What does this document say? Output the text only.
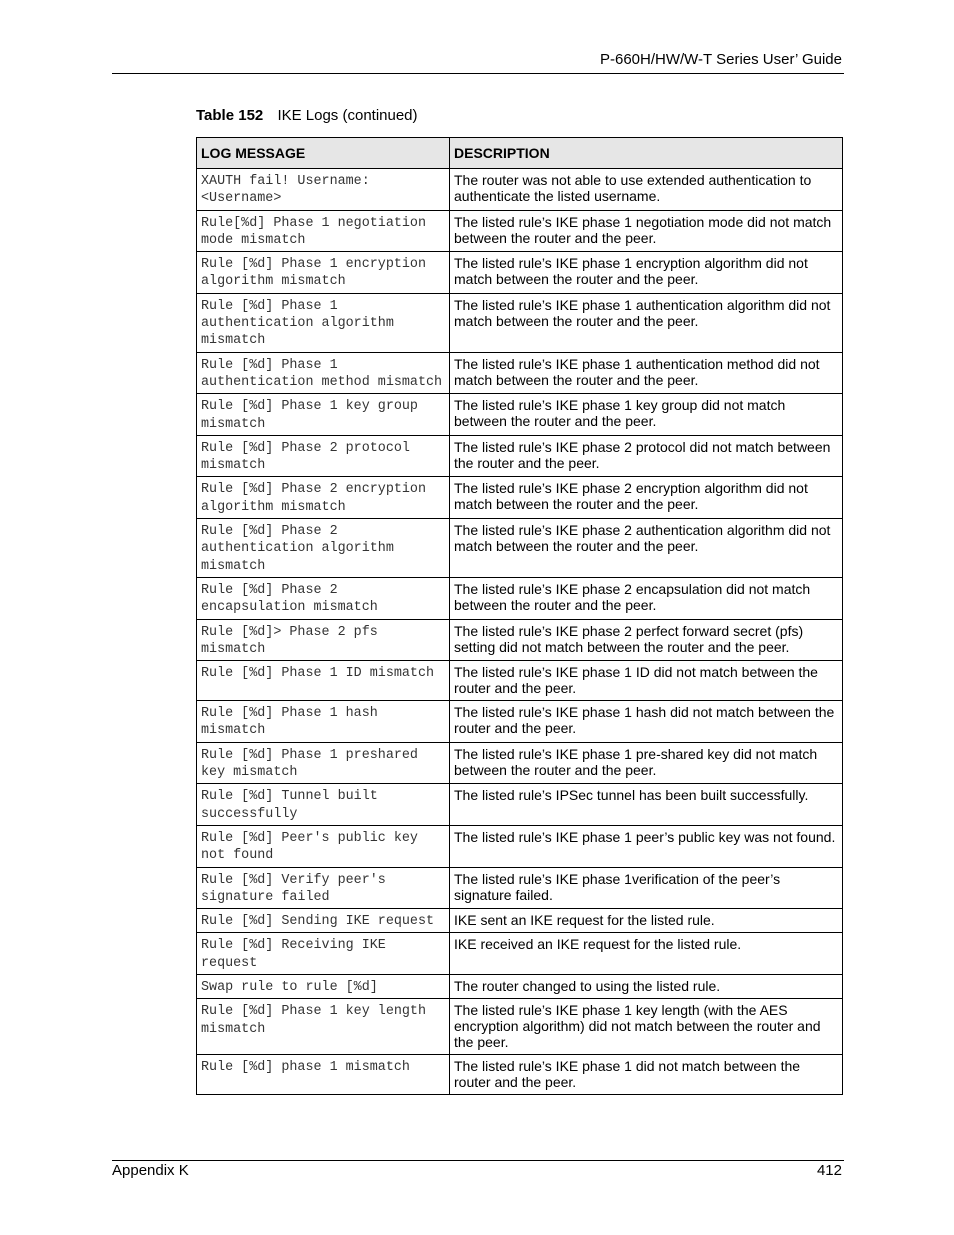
P-660H/HW/W-T Series User’ Guide
Table 152 IKE Logs (continued)
LOG MESSAGE	DESCRIPTION
XAUTH fail! Username: <Username>	The router was not able to use extended authentication to authenticate the listed username.
Rule[%d] Phase 1 negotiation mode mismatch	The listed rule’s IKE phase 1 negotiation mode did not match between the router and the peer.
Rule [%d] Phase 1 encryption algorithm mismatch	The listed rule’s IKE phase 1 encryption algorithm did not match between the router and the peer.
Rule [%d] Phase 1 authentication algorithm mismatch	The listed rule’s IKE phase 1 authentication algorithm did not match between the router and the peer.
Rule [%d] Phase 1 authentication method mismatch	The listed rule’s IKE phase 1 authentication method did not match between the router and the peer.
Rule [%d] Phase 1 key group mismatch	The listed rule’s IKE phase 1 key group did not match between the router and the peer.
Rule [%d] Phase 2 protocol mismatch	The listed rule’s IKE phase 2 protocol did not match between the router and the peer.
Rule [%d] Phase 2 encryption algorithm mismatch	The listed rule’s IKE phase 2 encryption algorithm did not match between the router and the peer.
Rule [%d] Phase 2 authentication algorithm mismatch	The listed rule’s IKE phase 2 authentication algorithm did not match between the router and the peer.
Rule [%d] Phase 2 encapsulation mismatch	The listed rule’s IKE phase 2 encapsulation did not match between the router and the peer.
Rule [%d]> Phase 2 pfs mismatch	The listed rule’s IKE phase 2 perfect forward secret (pfs) setting did not match between the router and the peer.
Rule [%d] Phase 1 ID mismatch	The listed rule’s IKE phase 1 ID did not match between the router and the peer.
Rule [%d] Phase 1 hash mismatch	The listed rule’s IKE phase 1 hash did not match between the router and the peer.
Rule [%d] Phase 1 preshared key mismatch	The listed rule’s IKE phase 1 pre-shared key did not match between the router and the peer.
Rule [%d] Tunnel built successfully	The listed rule’s IPSec tunnel has been built successfully.
Rule [%d] Peer's public key not found	The listed rule’s IKE phase 1 peer’s public key was not found.
Rule [%d] Verify peer's signature failed	The listed rule’s IKE phase 1verification of the peer’s signature failed.
Rule [%d] Sending IKE request	IKE sent an IKE request for the listed rule.
Rule [%d] Receiving IKE request	IKE received an IKE request for the listed rule.
Swap rule to rule [%d]	The router changed to using the listed rule.
Rule [%d] Phase 1 key length mismatch	The listed rule’s IKE phase 1 key length (with the AES encryption algorithm) did not match between the router and the peer.
Rule [%d] phase 1 mismatch	The listed rule’s IKE phase 1 did not match between the router and the peer.
Appendix K	412
